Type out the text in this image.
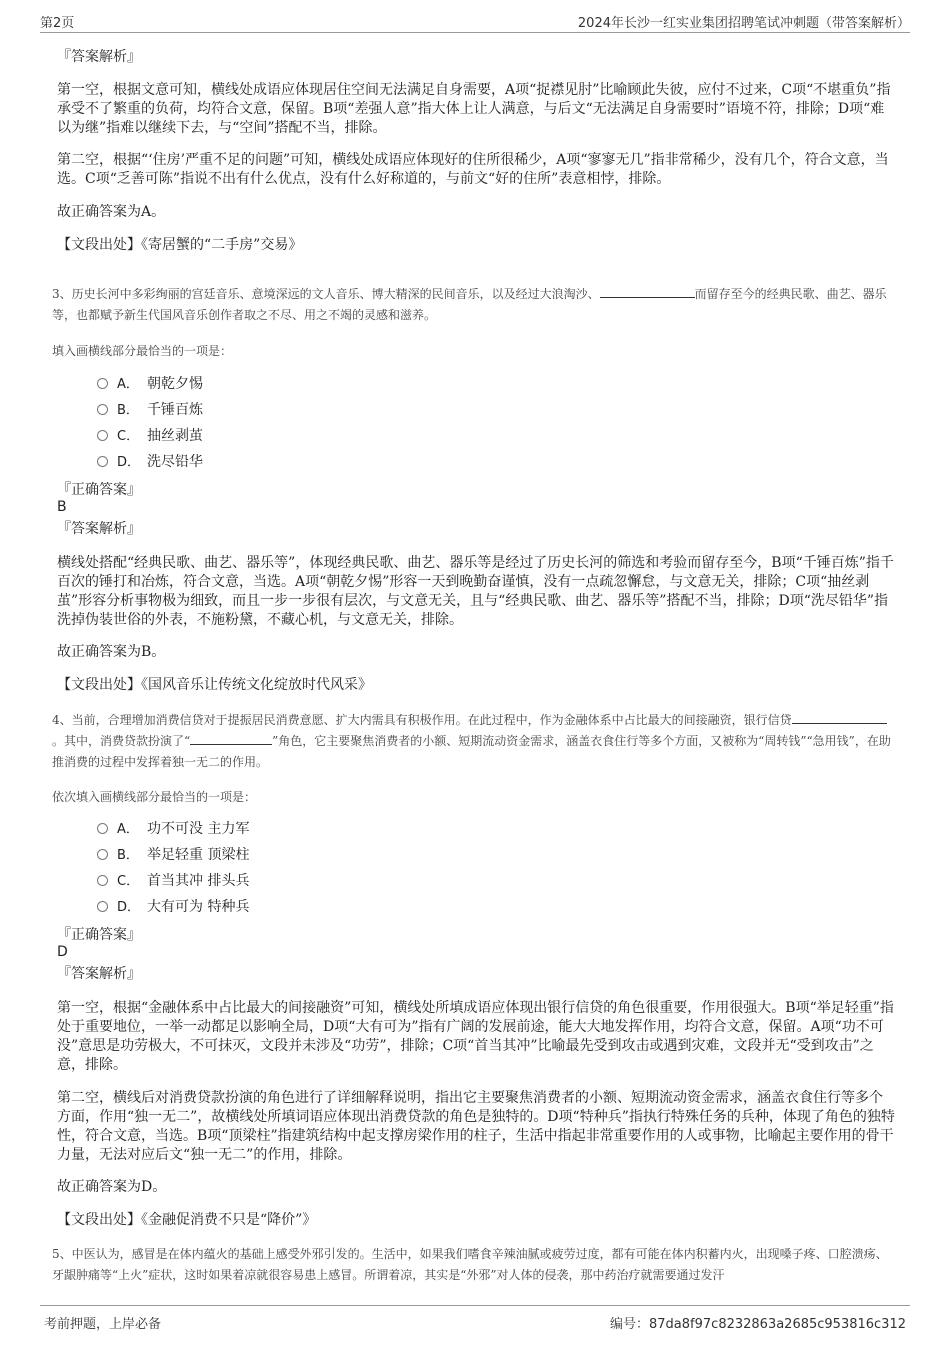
第2页	2024年长沙一红实业集团招聘笔试冲刺题（带答案解析）
『答案解析』
第一空，根据文意可知，横线处成语应体现居住空间无法满足自身需要，A项“捉襟见肘”比喻顾此失彼，应付不过来，C项“不堪重负”指承受不了繁重的负荷，均符合文意，保留。B项“差强人意”指大体上让人满意，与后文“无法满足自身需要时”语境不符，排除；D项“难以为继”指难以继续下去，与“空间”搭配不当，排除。
第二空，根据“‘住房’严重不足的问题”可知，横线处成语应体现好的住所很稀少，A项“寥寥无几”指非常稀少，没有几个，符合文意，当选。C项“乏善可陈”指说不出有什么优点，没有什么好称道的，与前文“好的住所”表意相悖，排除。
故正确答案为A。
【文段出处】《寄居蟹的“二手房”交易》
3、历史长河中多彩绚丽的宫廷音乐、意境深远的文人音乐、博大精深的民间音乐，以及经过大浪淘沙、	而留存至今的经典民歌、曲艺、器乐等，也都赋予新生代国风音乐创作者取之不尽、用之不竭的灵感和滋养。
填入画横线部分最恰当的一项是：
A． 朝乾夕惕
B． 千锤百炼
C． 抽丝剥茧
D． 洗尽铅华
『正确答案』
B
『答案解析』
横线处搭配“经典民歌、曲艺、器乐等”，体现经典民歌、曲艺、器乐等是经过了历史长河的筛选和考验而留存至今，B项“千锤百炼”指千百次的锤打和冶炼，符合文意，当选。A项“朝乾夕惕”形容一天到晚勤奋谨慎，没有一点疏忽懈怠，与文意无关，排除；C项“抽丝剥茧”形容分析事物极为细致，而且一步一步很有层次，与文意无关，且与“经典民歌、曲艺、器乐等”搭配不当，排除；D项“洗尽铅华”指洗掉伪装世俗的外表，不施粉黛，不藏心机，与文意无关，排除。
故正确答案为B。
【文段出处】《国风音乐让传统文化绽放时代风采》
4、当前，合理增加消费信贷对于提振居民消费意愿、扩大内需具有积极作用。在此过程中，作为金融体系中占比最大的间接融资，银行信贷。其中，消费贷款扮演了“	”角色，它主要聚焦消费者的小额、短期流动资金需求，涵盖衣食住行等多个方面，又被称为“周转钱”“急用钱”，在助推消费的过程中发挥着独一无二的作用。
依次填入画横线部分最恰当的一项是：
A． 功不可没 主力军
B． 举足轻重 顶梁柱
C． 首当其冲 排头兵
D． 大有可为 特种兵
『正确答案』
D
『答案解析』
第一空，根据“金融体系中占比最大的间接融资”可知，横线处所填成语应体现出银行信贷的角色很重要，作用很强大。B项“举足轻重”指处于重要地位，一举一动都足以影响全局，D项“大有可为”指有广阔的发展前途，能大大地发挥作用，均符合文意，保留。A项“功不可没”意思是功劳极大，不可抹灭，文段并未涉及“功劳”，排除；C项“首当其冲”比喻最先受到攻击或遇到灾难，文段并无“受到攻击”之意，排除。
第二空，横线后对消费贷款扮演的角色进行了详细解释说明，指出它主要聚焦消费者的小额、短期流动资金需求，涵盖衣食住行等多个方面，作用“独一无二”，故横线处所填词语应体现出消费贷款的角色是独特的。D项“特种兵”指执行特殊任务的兵种，体现了角色的独特性，符合文意，当选。B项“顶梁柱”指建筑结构中起支撑房梁作用的柱子，生活中指起非常重要作用的人或事物，比喻起主要作用的骨干力量，无法对应后文“独一无二”的作用，排除。
故正确答案为D。
【文段出处】《金融促消费不只是“降价”》
5、中医认为，感冒是在体内蕴火的基础上感受外邪引发的。生活中，如果我们嗜食辛辣油腻或疲劳过度，都有可能在体内积蓄内火，出现嗓子疼、口腔溃疡、牙龈肿痛等“上火”症状，这时如果着凉就很容易患上感冒。所谓着凉，其实是“外邪”对人体的侵袭，那中药治疗就需要通过发汗
考前押题，上岸必备	编号：87da8f97c8232863a2685c953816c312
